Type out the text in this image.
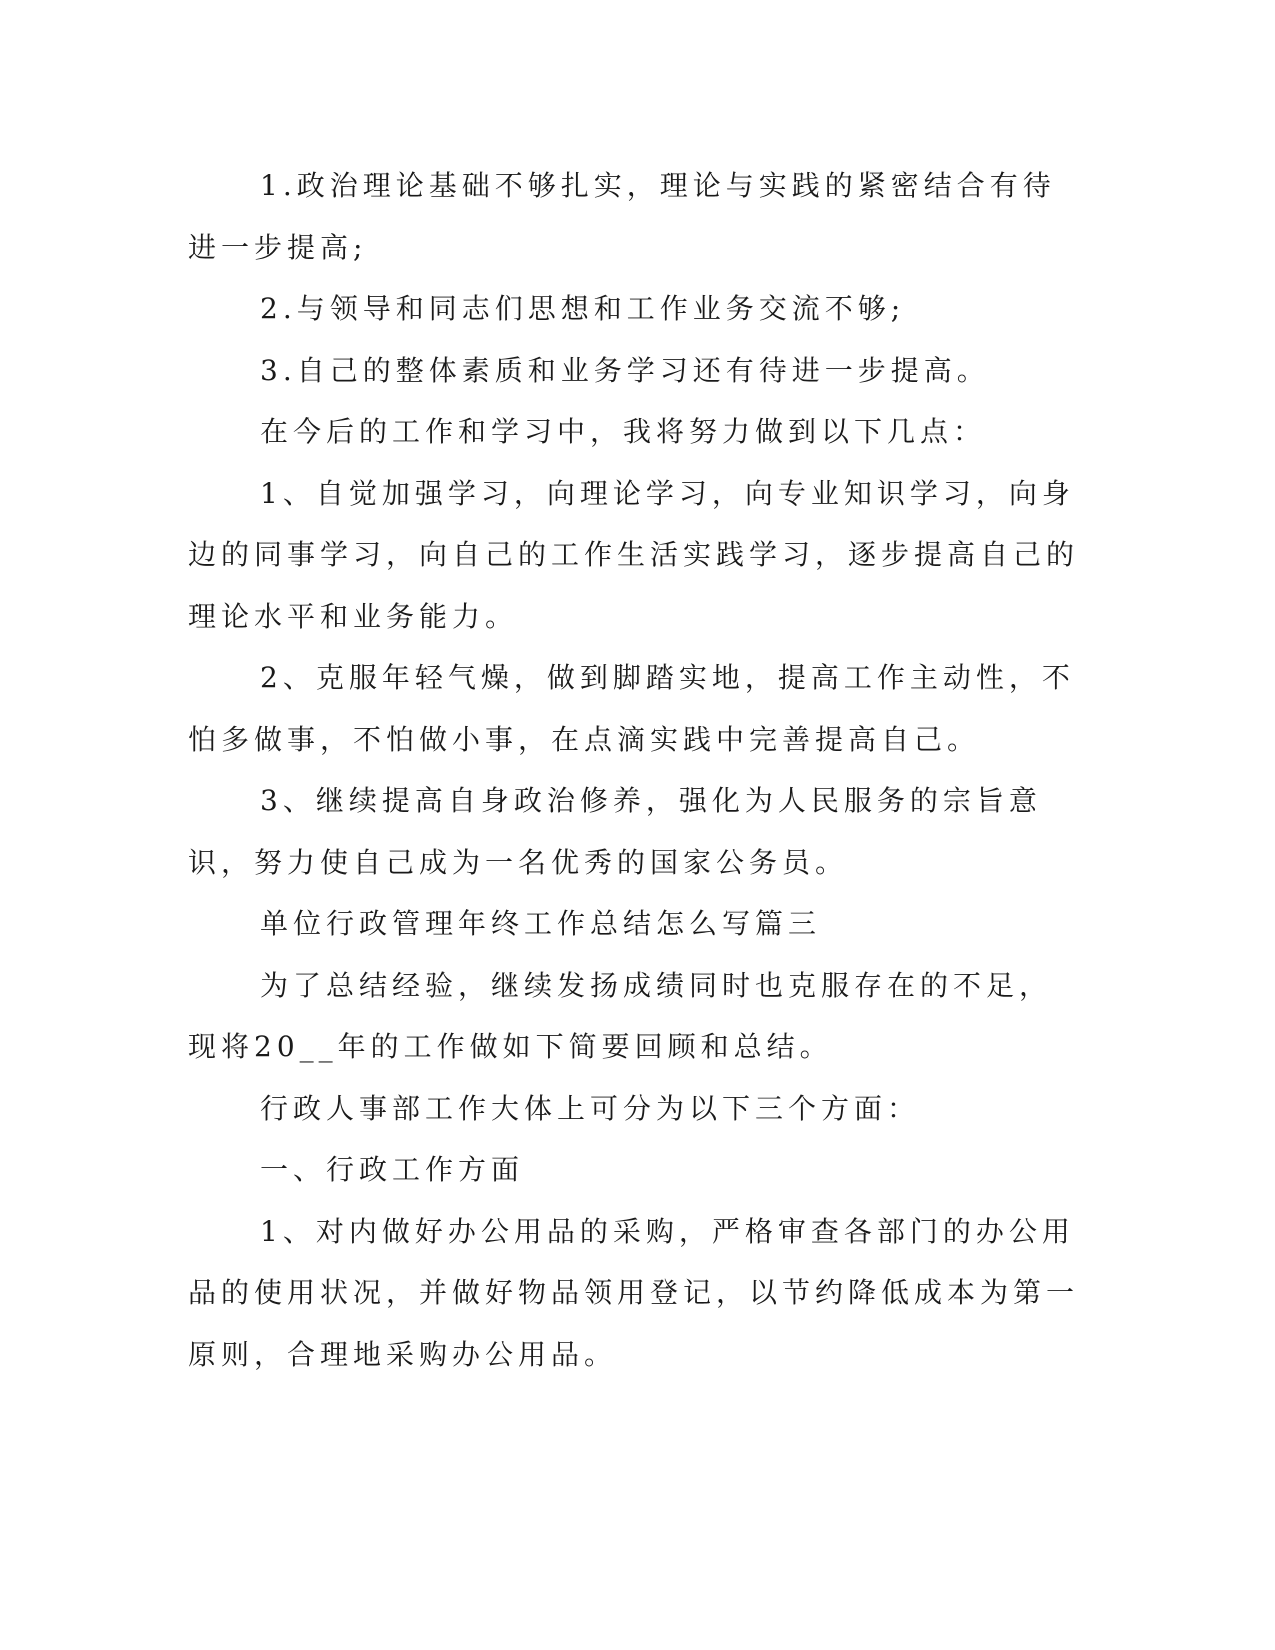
1.政治理论基础不够扎实，理论与实践的紧密结合有待进一步提高;

2.与领导和同志们思想和工作业务交流不够;

3.自己的整体素质和业务学习还有待进一步提高。

在今后的工作和学习中，我将努力做到以下几点：

1、自觉加强学习，向理论学习，向专业知识学习，向身边的同事学习，向自己的工作生活实践学习，逐步提高自己的理论水平和业务能力。

2、克服年轻气燥，做到脚踏实地，提高工作主动性，不怕多做事，不怕做小事，在点滴实践中完善提高自己。

3、继续提高自身政治修养，强化为人民服务的宗旨意识，努力使自己成为一名优秀的国家公务员。

单位行政管理年终工作总结怎么写篇三

为了总结经验，继续发扬成绩同时也克服存在的不足，现将20__年的工作做如下简要回顾和总结。

行政人事部工作大体上可分为以下三个方面：

一、行政工作方面

1、对内做好办公用品的采购，严格审查各部门的办公用品的使用状况，并做好物品领用登记，以节约降低成本为第一原则，合理地采购办公用品。
